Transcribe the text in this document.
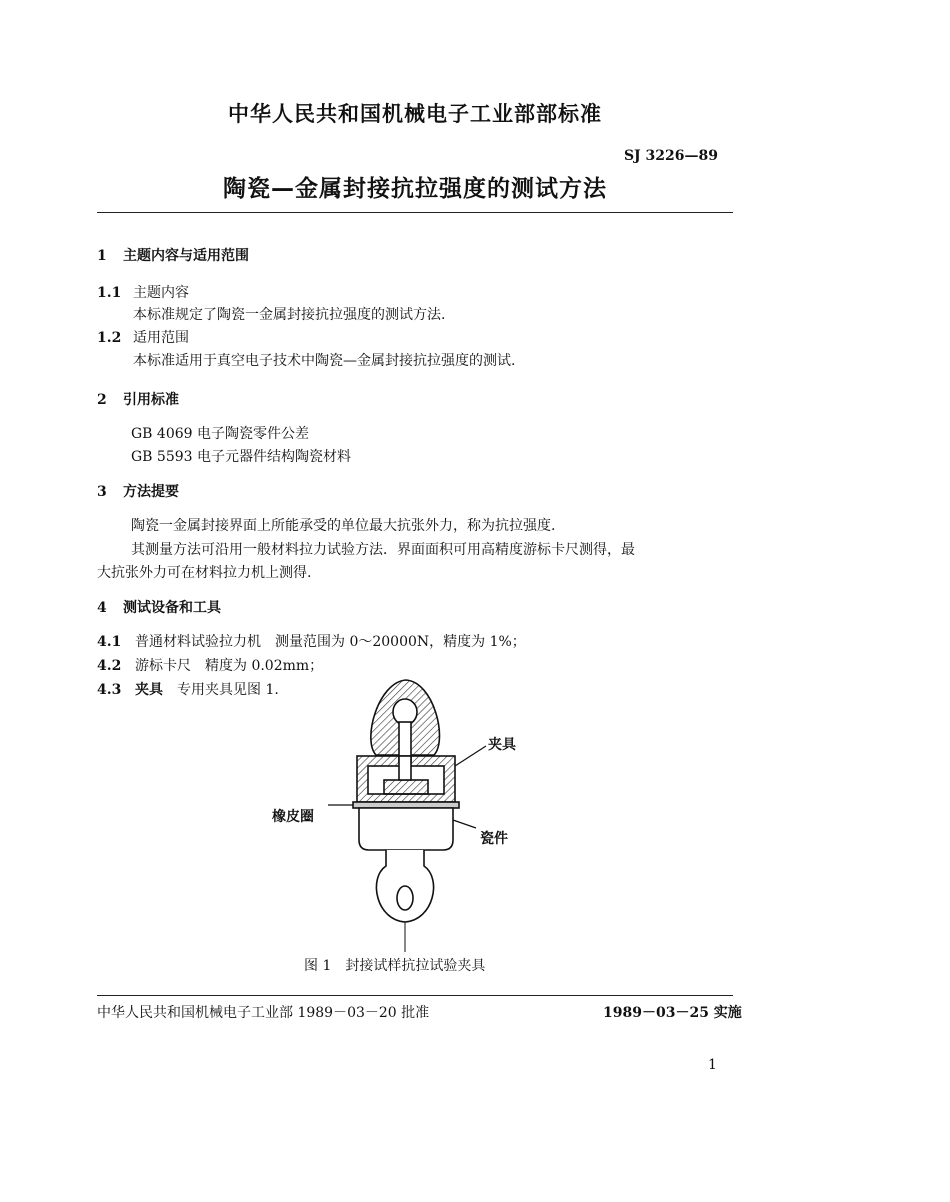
中华人民共和国机械电子工业部部标准
SJ 3226—89
陶瓷—金属封接抗拉强度的测试方法
1 主题内容与适用范围
1.1 主题内容
本标准规定了陶瓷一金属封接抗拉强度的测试方法.
1.2 适用范围
本标准适用于真空电子技术中陶瓷—金属封接抗拉强度的测试.
2 引用标准
GB 4069 电子陶瓷零件公差
GB 5593 电子元器件结构陶瓷材料
3 方法提要
陶瓷一金属封接界面上所能承受的单位最大抗张外力，称为抗拉强度.
其测量方法可沿用一般材料拉力试验方法．界面面积可用高精度游标卡尺测得，最
大抗张外力可在材料拉力机上测得.
4 测试设备和工具
4.1 普通材料试验拉力机 测量范围为 0～20000N，精度为 1%；
4.2 游标卡尺 精度为 0.02mm；
4.3 夹具 专用夹具见图 1.
夹具
橡皮圈
瓷件
图 1　封接试样抗拉试验夹具
中华人民共和国机械电子工业部 1989－03－20 批准	1989－03－25 实施
1
